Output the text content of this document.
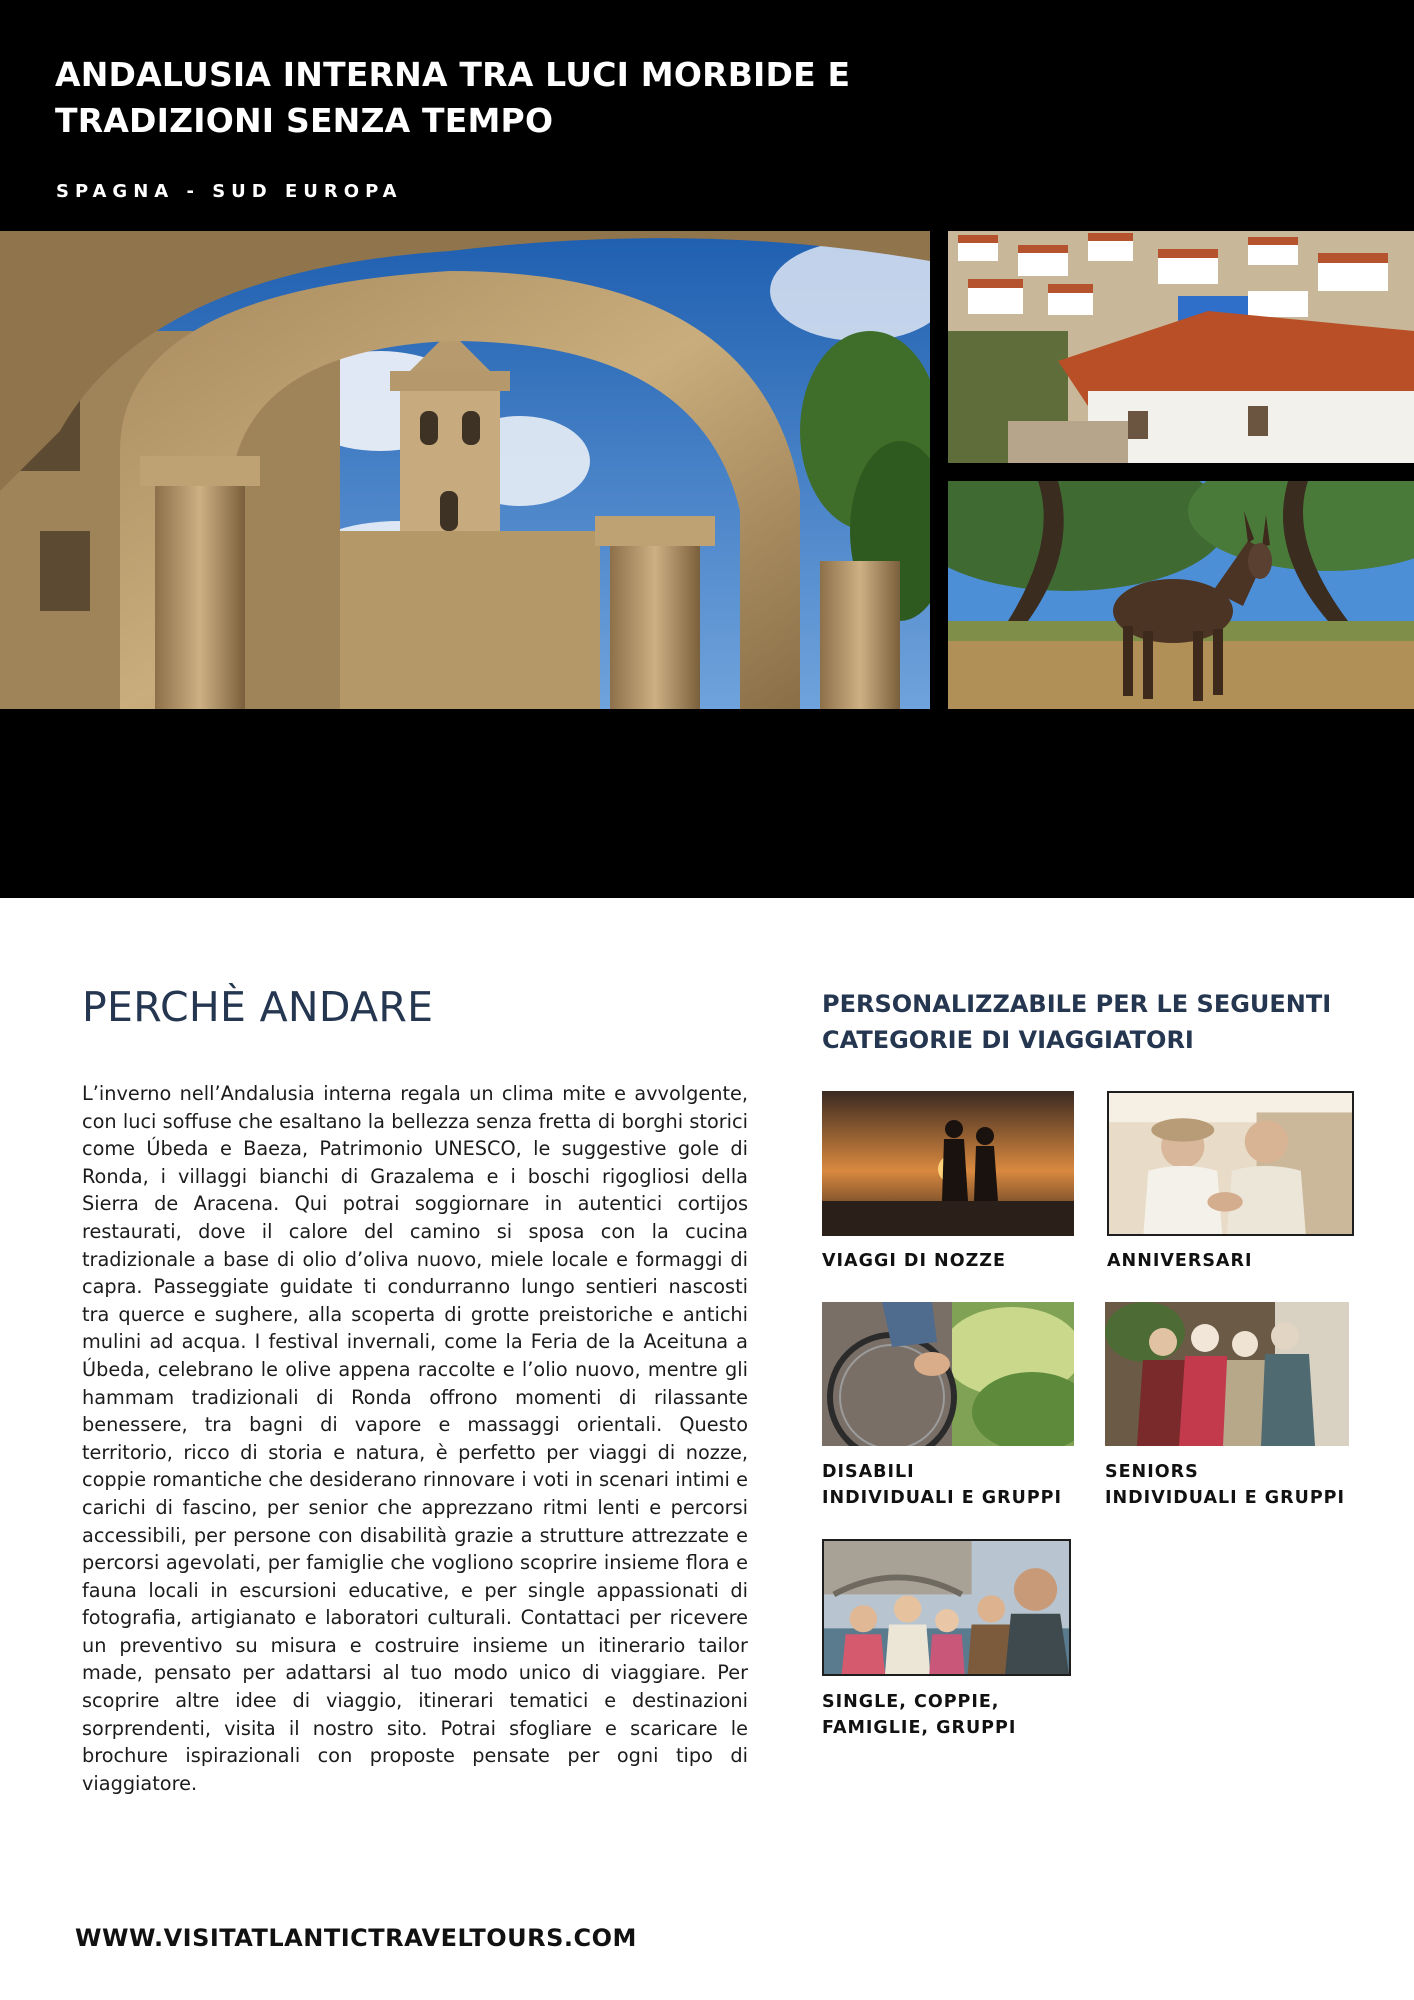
ANDALUSIA INTERNA TRA LUCI MORBIDE E TRADIZIONI SENZA TEMPO
SPAGNA - SUD EUROPA
PERCHÈ ANDARE

L’inverno nell’Andalusia interna regala un clima mite e avvolgente, con luci soffuse che esaltano la bellezza senza fretta di borghi storici come Úbeda e Baeza, Patrimonio UNESCO, le suggestive gole di Ronda, i villaggi bianchi di Grazalema e i boschi rigogliosi della Sierra de Aracena. Qui potrai soggiornare in autentici cortijos restaurati, dove il calore del camino si sposa con la cucina tradizionale a base di olio d’oliva nuovo, miele locale e formaggi di capra. Passeggiate guidate ti condurranno lungo sentieri nascosti tra querce e sughere, alla scoperta di grotte preistoriche e antichi mulini ad acqua. I festival invernali, come la Feria de la Aceituna a Úbeda, celebrano le olive appena raccolte e l’olio nuovo, mentre gli hammam tradizionali di Ronda offrono momenti di rilassante benessere, tra bagni di vapore e massaggi orientali. Questo territorio, ricco di storia e natura, è perfetto per viaggi di nozze, coppie romantiche che desiderano rinnovare i voti in scenari intimi e carichi di fascino, per senior che apprezzano ritmi lenti e percorsi accessibili, per persone con disabilità grazie a strutture attrezzate e percorsi agevolati, per famiglie che vogliono scoprire insieme flora e fauna locali in escursioni educative, e per single appassionati di fotografia, artigianato e laboratori culturali. Contattaci per ricevere un preventivo su misura e costruire insieme un itinerario tailor made, pensato per adattarsi al tuo modo unico di viaggiare. Per scoprire altre idee di viaggio, itinerari tematici e destinazioni sorprendenti, visita il nostro sito. Potrai sfogliare e scaricare le brochure ispirazionali con proposte pensate per ogni tipo di viaggiatore.

PERSONALIZZABILE PER LE SEGUENTI CATEGORIE DI VIAGGIATORI
VIAGGI DI NOZZE	ANNIVERSARI
DISABILI
INDIVIDUALI E GRUPPI
SENIORS
INDIVIDUALI E GRUPPI
SINGLE, COPPIE,
FAMIGLIE, GRUPPI
WWW.VISITATLANTICTRAVELTOURS.COM
